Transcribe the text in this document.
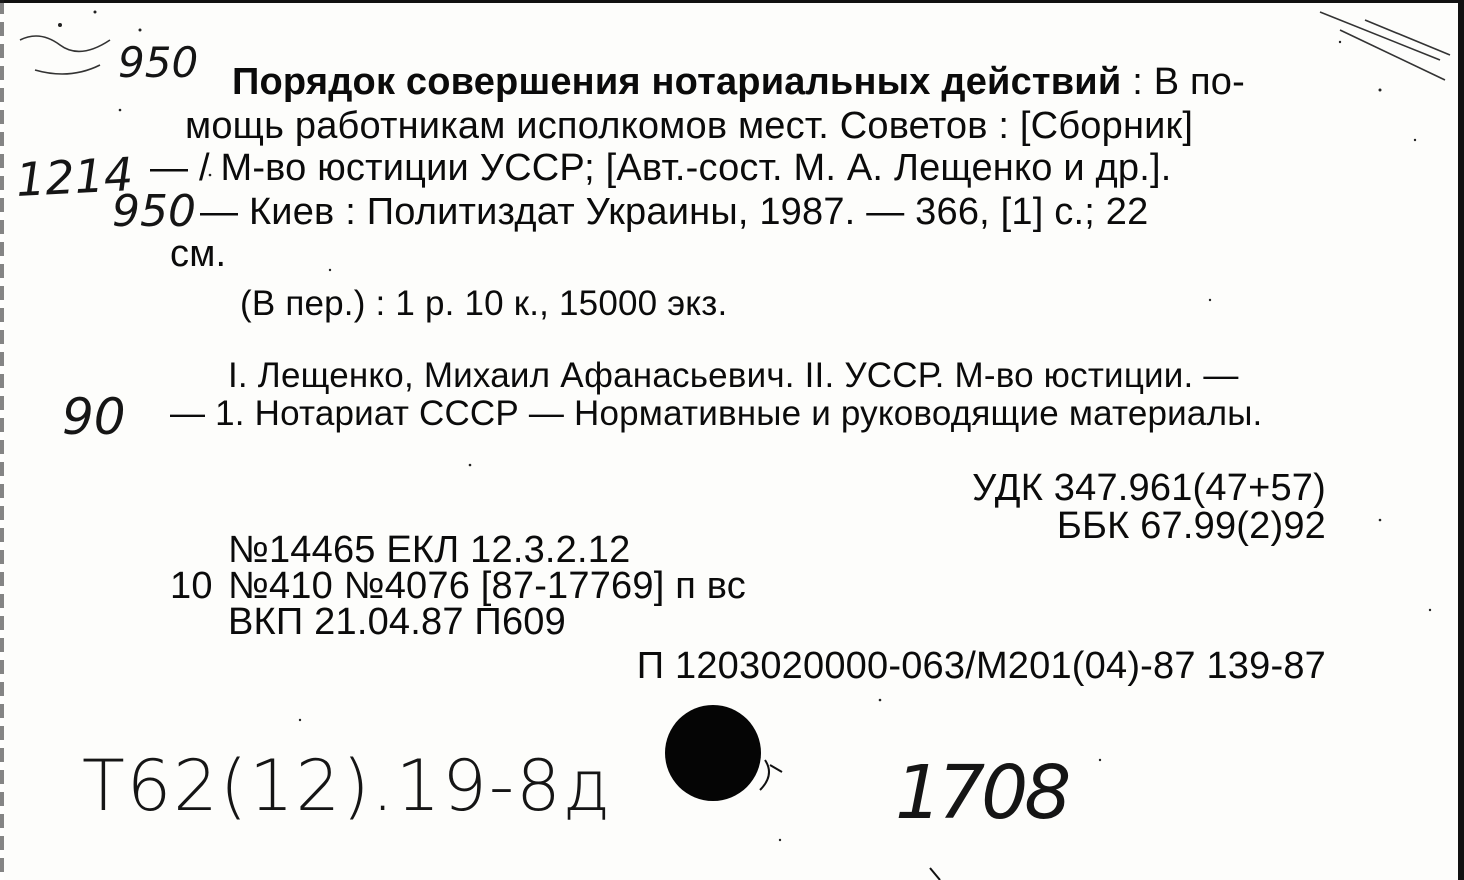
950
1214
950
90
Т62(12).19-8д	1708

Порядок совершения нотариальных действий : В по-

мощь работникам исполкомов мест. Советов : [Сборник]

— / М-во юстиции УССР; [Авт.-сост. М. А. Лещенко и др.].

— Киев : Политиздат Украины, 1987. — 366, [1] с.; 22

см.

(В пер.) : 1 р. 10 к., 15000 экз.

I. Лещенко, Михаил Афанасьевич. II. УССР. М-во юстиции. —

— 1. Нотариат СССР — Нормативные и руководящие материалы.

УДК 347.961(47+57)

ББК 67.99(2)92

№14465 ЕКЛ 12.3.2.12

10 №410 №4076 [87-17769] п вс

ВКП 21.04.87 П609

П 1203020000-063/М201(04)-87 139-87
